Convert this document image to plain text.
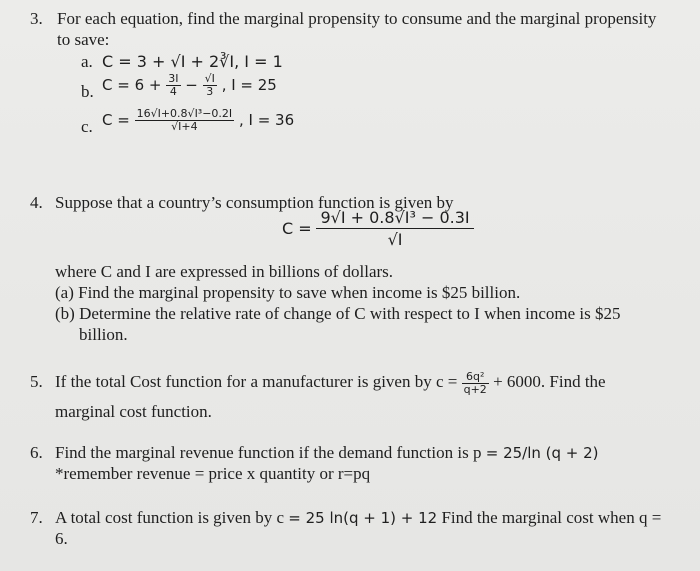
3. For each equation, find the marginal propensity to consume and the marginal propensity
to save:
a. C = 3 + √I + 2∛I, I = 1
b. $C = 6 + \frac{3I}{4} - \frac{√I}{3}$ , I = 25
c. $C = \frac{\text{16√I+0.8√I³−0.2I}}{√I+4}$ , I = 36
4. Suppose that a country’s consumption function is given by
$C = \frac{\text{9√I + 0.8√I³ − 0.3I}}{√I}$
where C and I are expressed in billions of dollars.
(a) Find the marginal propensity to save when income is $25 billion.
(b) Determine the relative rate of change of C with respect to I when income is $25
billion.
5. If the total Cost function for a manufacturer is given by $c = \frac{\text{6q²}}{q+2} + 6000$. Find the
marginal cost function.
6. Find the marginal revenue function if the demand function is p = 25/ln (q + 2)
*remember revenue = price x quantity or r=pq
7. A total cost function is given by c = 25 ln(q + 1) + 12 Find the marginal cost when q =
6.
